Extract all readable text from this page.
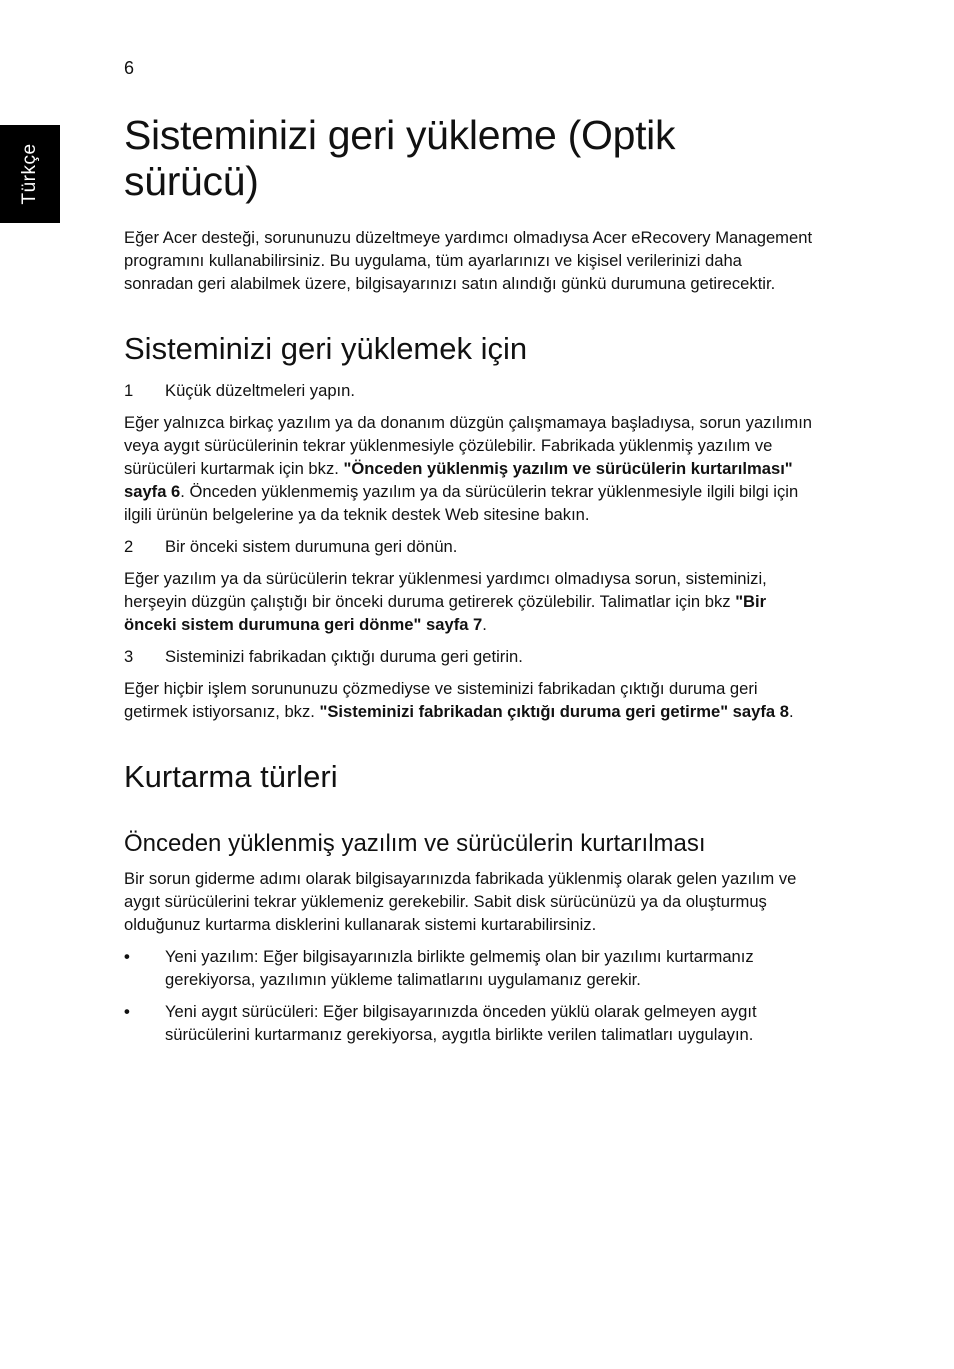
6
Türkçe
Sisteminizi geri yükleme (Optik sürücü)

Eğer Acer desteği, sorununuzu düzeltmeye yardımcı olmadıysa Acer eRecovery Management programını kullanabilirsiniz. Bu uygulama, tüm ayarlarınızı ve kişisel verilerinizi daha sonradan geri alabilmek üzere, bilgisayarınızı satın alındığı günkü durumuna getirecektir.

Sisteminizi geri yüklemek için
1	Küçük düzeltmeleri yapın.

Eğer yalnızca birkaç yazılım ya da donanım düzgün çalışmamaya başladıysa, sorun yazılımın veya aygıt sürücülerinin tekrar yüklenmesiyle çözülebilir. Fabrikada yüklenmiş yazılım ve sürücüleri kurtarmak için bkz. "Önceden yüklenmiş yazılım ve sürücülerin kurtarılması" sayfa 6. Önceden yüklenmemiş yazılım ya da sürücülerin tekrar yüklenmesiyle ilgili bilgi için ilgili ürünün belgelerine ya da teknik destek Web sitesine bakın.

2	Bir önceki sistem durumuna geri dönün.

Eğer yazılım ya da sürücülerin tekrar yüklenmesi yardımcı olmadıysa sorun, sisteminizi, herşeyin düzgün çalıştığı bir önceki duruma getirerek çözülebilir. Talimatlar için bkz "Bir önceki sistem durumuna geri dönme" sayfa 7.

3	Sisteminizi fabrikadan çıktığı duruma geri getirin.

Eğer hiçbir işlem sorununuzu çözmediyse ve sisteminizi fabrikadan çıktığı duruma geri getirmek istiyorsanız, bkz. "Sisteminizi fabrikadan çıktığı duruma geri getirme" sayfa 8.

Kurtarma türleri
Önceden yüklenmiş yazılım ve sürücülerin kurtarılması

Bir sorun giderme adımı olarak bilgisayarınızda fabrikada yüklenmiş olarak gelen yazılım ve aygıt sürücülerini tekrar yüklemeniz gerekebilir. Sabit disk sürücünüzü ya da oluşturmuş olduğunuz kurtarma disklerini kullanarak sistemi kurtarabilirsiniz.

•	Yeni yazılım: Eğer bilgisayarınızla birlikte gelmemiş olan bir yazılımı kurtarmanız gerekiyorsa, yazılımın yükleme talimatlarını uygulamanız gerekir.
•	Yeni aygıt sürücüleri: Eğer bilgisayarınızda önceden yüklü olarak gelmeyen aygıt sürücülerini kurtarmanız gerekiyorsa, aygıtla birlikte verilen talimatları uygulayın.
